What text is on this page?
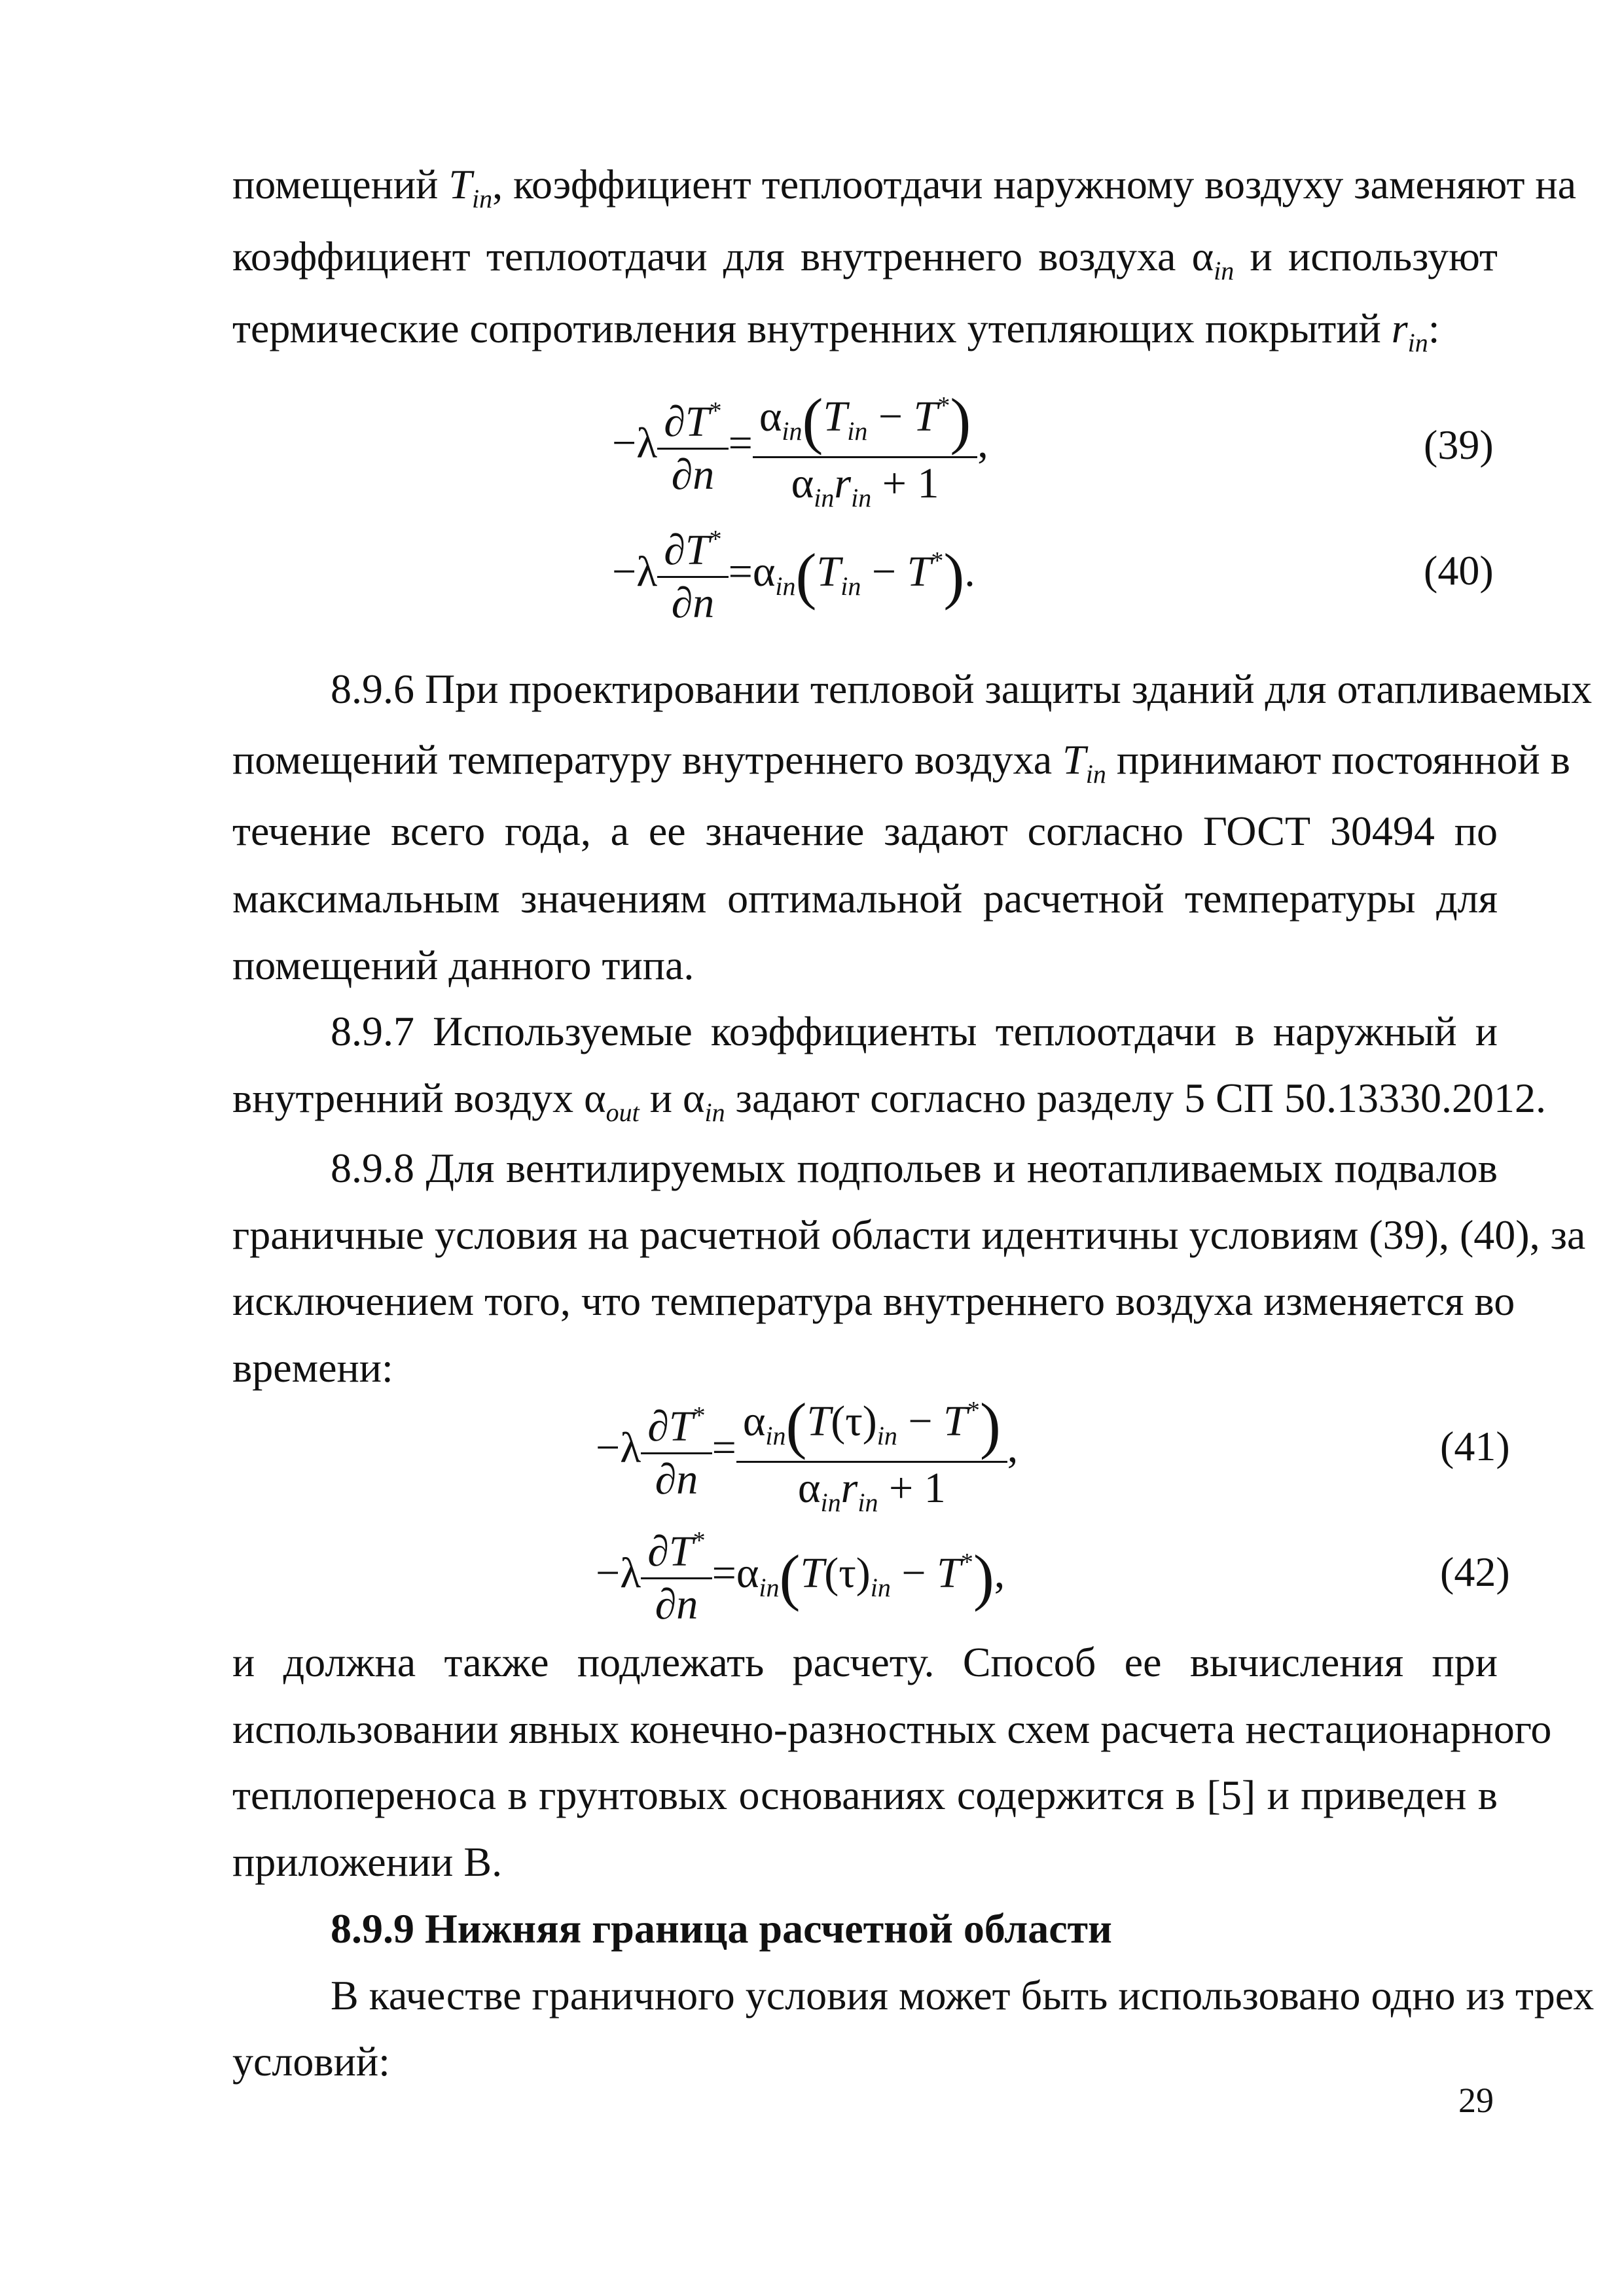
помещений $T_{in}$, коэффициент теплоотдачи наружному воздуху заменяют на
коэффициент теплоотдачи для внутреннего воздуха $\alpha_{in}$ и используют
термические сопротивления внутренних утепляющих покрытий $r_{in}$:
$-\lambda \frac{\partial T^*}{\partial n} = \frac{\alpha_{in}(T_{in} - T^*)}{\alpha_{in}r_{in} + 1}$ ,	(39)
$-\lambda \frac{\partial T^*}{\partial n} =\alpha_{in}(T_{in} - T^*)$.	(40)
8.9.6 При проектировании тепловой защиты зданий для отапливаемых
помещений температуру внутреннего воздуха $T_{in}$ принимают постоянной в
течение всего года, а ее значение задают согласно ГОСТ 30494 по
максимальным значениям оптимальной расчетной температуры для
помещений данного типа.
8.9.7 Используемые коэффициенты теплоотдачи в наружный и
внутренний воздух $\alpha_{out}$ и $\alpha_{in}$ задают согласно разделу 5 СП 50.13330.2012.
8.9.8 Для вентилируемых подпольев и неотапливаемых подвалов
граничные условия на расчетной области идентичны условиям (39), (40), за
исключением того, что температура внутреннего воздуха изменяется во
времени:
$-\lambda \frac{\partial T^*}{\partial n} = \frac{\alpha_{in}(T(\tau)_{in} - T^*)}{\alpha_{in}r_{in} + 1}$ ,	(41)
$-\lambda \frac{\partial T^*}{\partial n} =\alpha_{in}(T(\tau)_{in} - T^*)$,	(42)
и должна также подлежать расчету. Способ ее вычисления при
использовании явных конечно-разностных схем расчета нестационарного
теплопереноса в грунтовых основаниях содержится в [5] и приведен в
приложении В.
8.9.9 Нижняя граница расчетной области
В качестве граничного условия может быть использовано одно из трех
условий:
29
